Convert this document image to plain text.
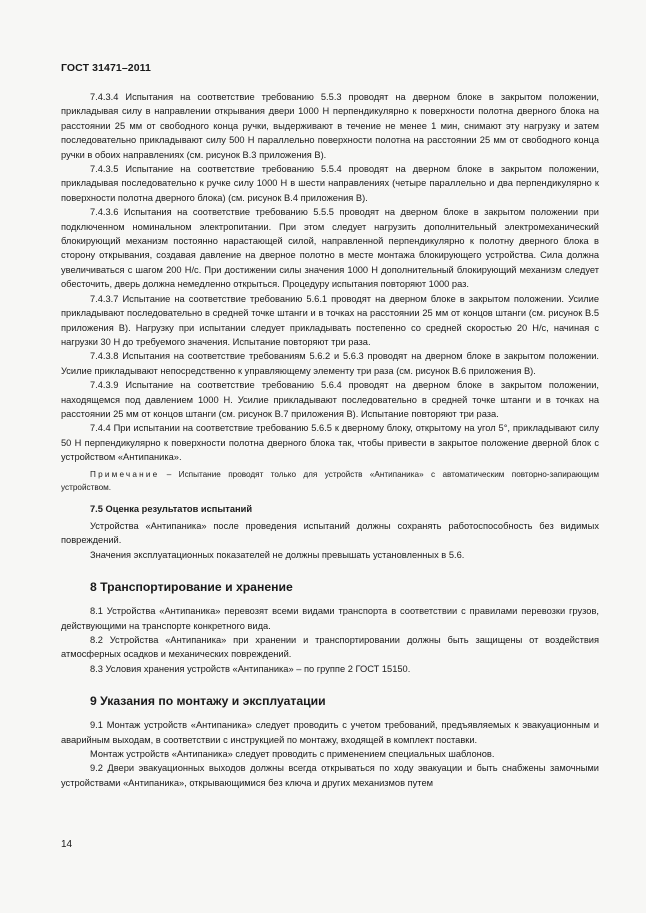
ГОСТ 31471–2011

7.4.3.4 Испытания на соответствие требованию 5.5.3 проводят на дверном блоке в закрытом положении, прикладывая силу в направлении открывания двери 1000 Н перпендикулярно к поверхности полотна дверного блока на расстоянии 25 мм от свободного конца ручки, выдерживают в течение не менее 1 мин, снимают эту нагрузку и затем последовательно прикладывают силу 500 Н параллельно поверхности полотна на расстоянии 25 мм от свободного конца ручки в обоих направлениях (см. рисунок В.3 приложения В).

7.4.3.5 Испытание на соответствие требованию 5.5.4 проводят на дверном блоке в закрытом положении, прикладывая последовательно к ручке силу 1000 Н в шести направлениях (четыре параллельно и два перпендикулярно к поверхности полотна дверного блока) (см. рисунок В.4 приложения В).

7.4.3.6 Испытания на соответствие требованию 5.5.5 проводят на дверном блоке в закрытом положении при подключенном номинальном электропитании. При этом следует нагрузить дополнительный электромеханический блокирующий механизм постоянно нарастающей силой, направленной перпендикулярно к полотну дверного блока в сторону открывания, создавая давление на дверное полотно в месте монтажа блокирующего устройства. Сила должна увеличиваться с шагом 200 Н/с. При достижении силы значения 1000 Н дополнительный блокирующий механизм следует обесточить, дверь должна немедленно открыться. Процедуру испытания повторяют 1000 раз.

7.4.3.7 Испытание на соответствие требованию 5.6.1 проводят на дверном блоке в закрытом положении. Усилие прикладывают последовательно в средней точке штанги и в точках на расстоянии 25 мм от концов штанги (см. рисунок В.5 приложения В). Нагрузку при испытании следует прикладывать постепенно со средней скоростью 20 Н/с, начиная с нагрузки 30 Н до требуемого значения. Испытание повторяют три раза.

7.4.3.8 Испытания на соответствие требованиям 5.6.2 и 5.6.3 проводят на дверном блоке в закрытом положении. Усилие прикладывают непосредственно к управляющему элементу три раза (см. рисунок В.6 приложения В).

7.4.3.9 Испытание на соответствие требованию 5.6.4 проводят на дверном блоке в закрытом положении, находящемся под давлением 1000 Н. Усилие прикладывают последовательно в средней точке штанги и в точках на расстоянии 25 мм от концов штанги (см. рисунок В.7 приложения В). Испытание повторяют три раза.

7.4.4 При испытании на соответствие требованию 5.6.5 к дверному блоку, открытому на угол 5°, прикладывают силу 50 Н перпендикулярно к поверхности полотна дверного блока так, чтобы привести в закрытое положение дверной блок с устройством «Антипаника».

Примечание – Испытание проводят только для устройств «Антипаника» с автоматическим повторно-запирающим устройством.

7.5 Оценка результатов испытаний

Устройства «Антипаника» после проведения испытаний должны сохранять работоспособность без видимых повреждений.

Значения эксплуатационных показателей не должны превышать установленных в 5.6.

8 Транспортирование и хранение

8.1 Устройства «Антипаника» перевозят всеми видами транспорта в соответствии с правилами перевозки грузов, действующими на транспорте конкретного вида.

8.2 Устройства «Антипаника» при хранении и транспортировании должны быть защищены от воздействия атмосферных осадков и механических повреждений.

8.3 Условия хранения устройств «Антипаника» – по группе 2 ГОСТ 15150.

9 Указания по монтажу и эксплуатации

9.1 Монтаж устройств «Антипаника» следует проводить с учетом требований, предъявляемых к эвакуационным и аварийным выходам, в соответствии с инструкцией по монтажу, входящей в комплект поставки.

Монтаж устройств «Антипаника» следует проводить с применением специальных шаблонов.

9.2 Двери эвакуационных выходов должны всегда открываться по ходу эвакуации и быть снабжены замочными устройствами «Антипаника», открывающимися без ключа и других механизмов путем

14
